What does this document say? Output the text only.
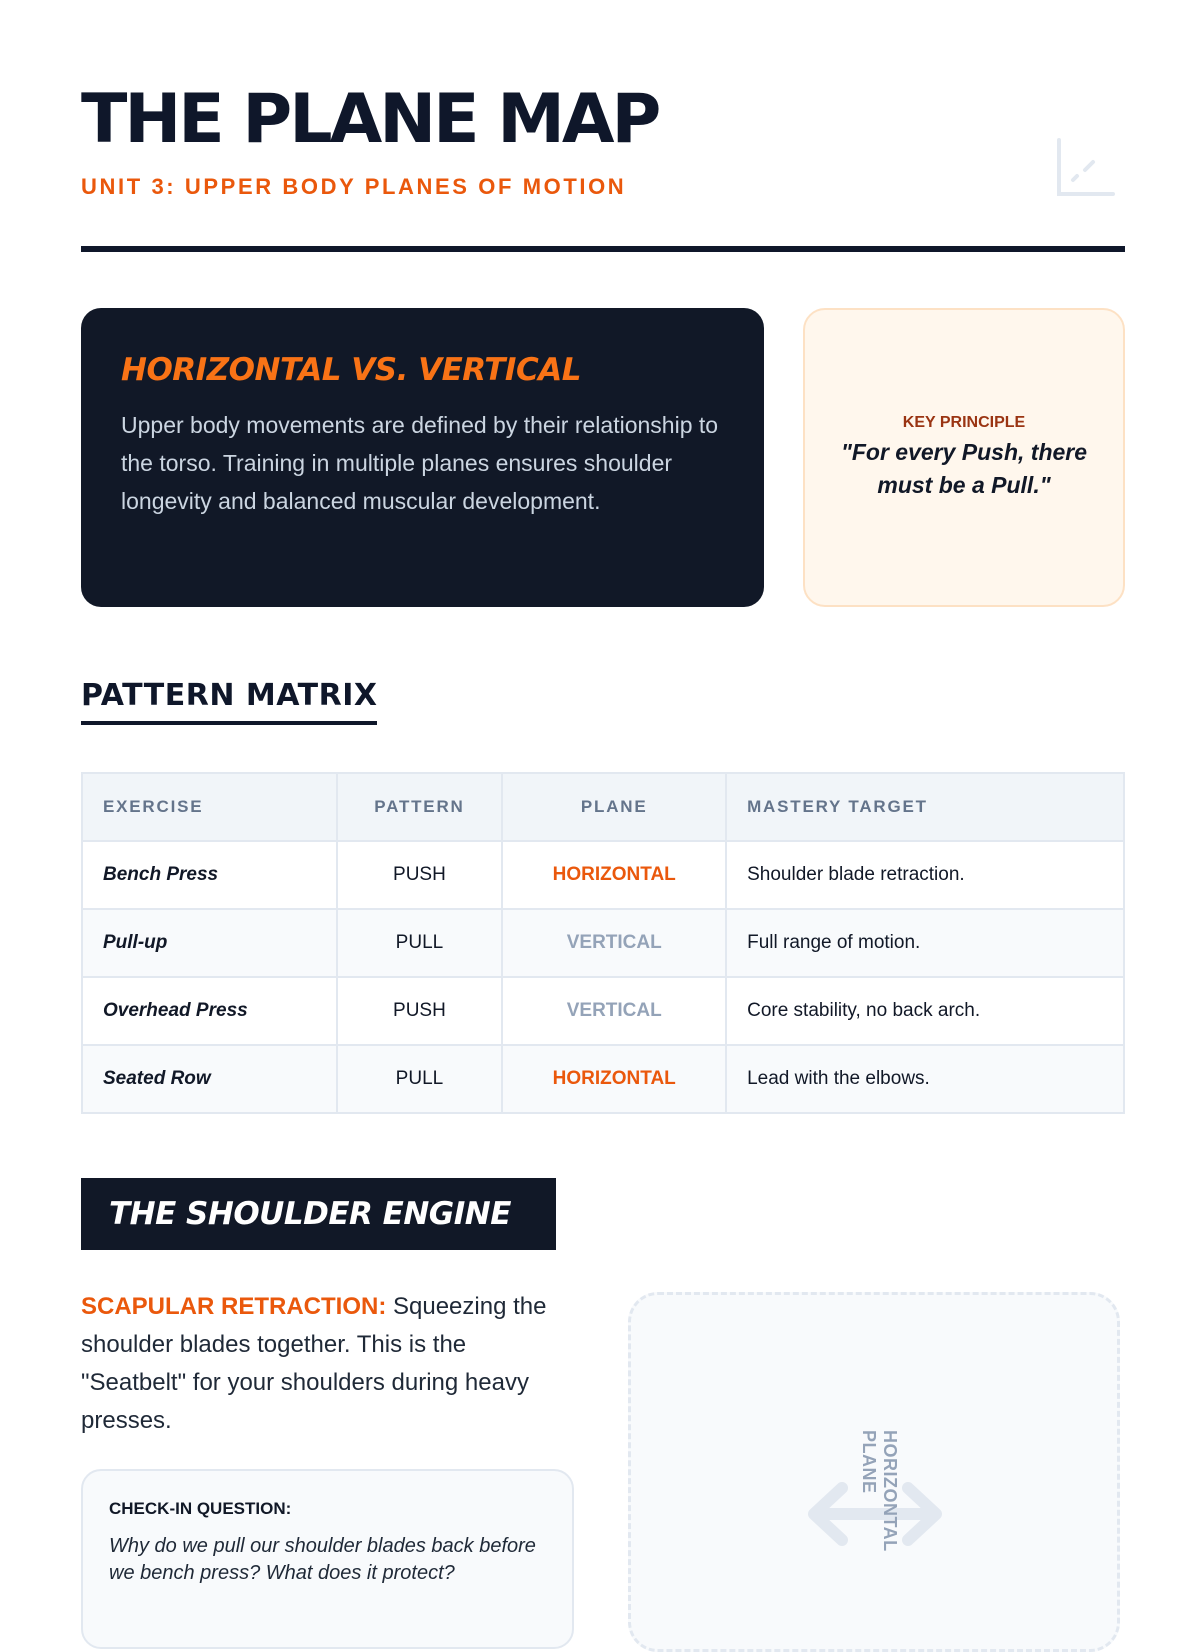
THE PLANE MAP
UNIT 3: UPPER BODY PLANES OF MOTION
HORIZONTAL VS. VERTICAL

Upper body movements are defined by their relationship to the torso. Training in multiple planes ensures shoulder longevity and balanced muscular development.

KEY PRINCIPLE
"For every Push, there must be a Pull."
PATTERN MATRIX
EXERCISE	PATTERN	PLANE	MASTERY TARGET
Bench Press	PUSH	HORIZONTAL	Shoulder blade retraction.
Pull-up	PULL	VERTICAL	Full range of motion.
Overhead Press	PUSH	VERTICAL	Core stability, no back arch.
Seated Row	PULL	HORIZONTAL	Lead with the elbows.
THE SHOULDER ENGINE
SCAPULAR RETRACTION: Squeezing the shoulder blades together. This is the "Seatbelt" for your shoulders during heavy presses.
CHECK-IN QUESTION:
Why do we pull our shoulder blades back before we bench press? What does it protect?
HORIZONTAL PLANE
